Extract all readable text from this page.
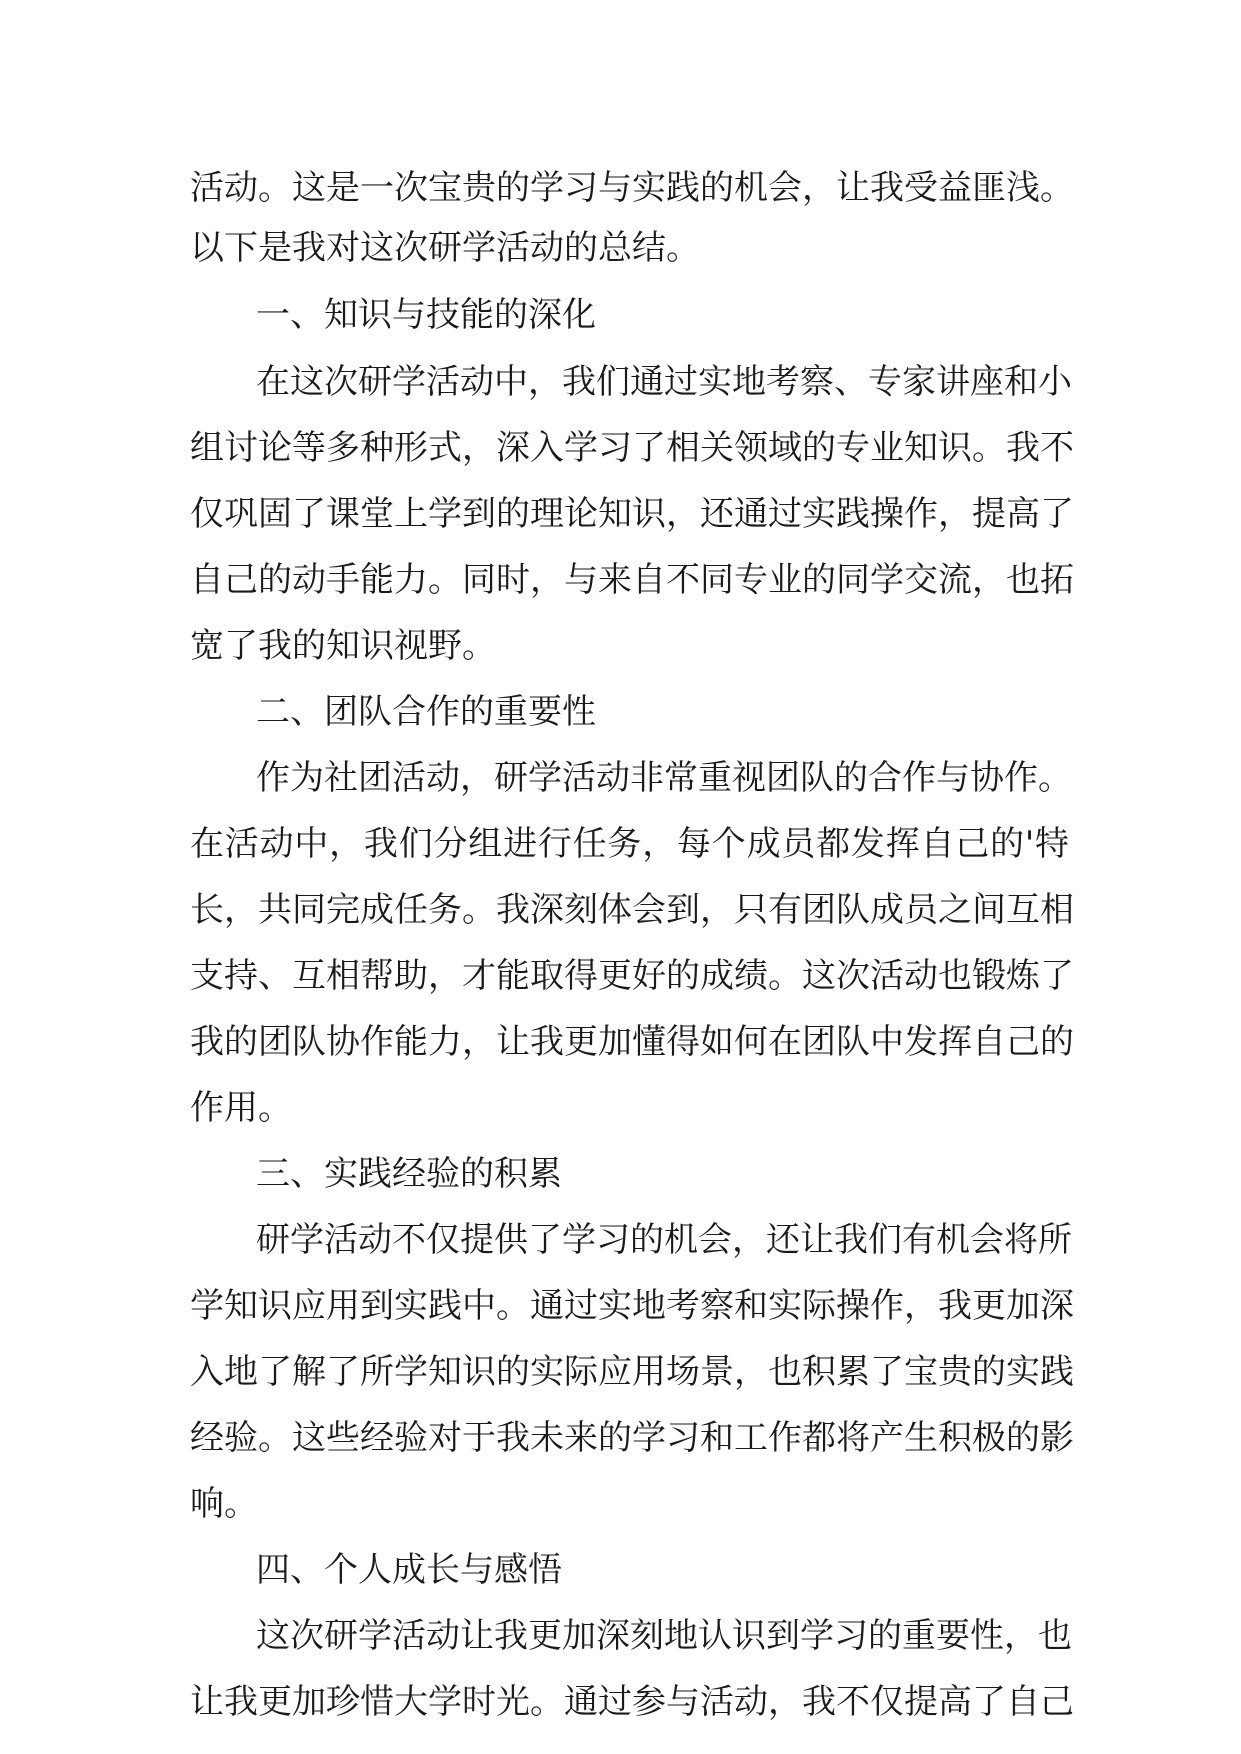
活动。这是一次宝贵的学习与实践的机会，让我受益匪浅。
以下是我对这次研学活动的总结。
一、知识与技能的深化
在这次研学活动中，我们通过实地考察、专家讲座和小
组讨论等多种形式，深入学习了相关领域的专业知识。我不
仅巩固了课堂上学到的理论知识，还通过实践操作，提高了
自己的动手能力。同时，与来自不同专业的同学交流，也拓
宽了我的知识视野。
二、团队合作的重要性
作为社团活动，研学活动非常重视团队的合作与协作。
在活动中，我们分组进行任务，每个成员都发挥自己的'特
长，共同完成任务。我深刻体会到，只有团队成员之间互相
支持、互相帮助，才能取得更好的成绩。这次活动也锻炼了
我的团队协作能力，让我更加懂得如何在团队中发挥自己的
作用。
三、实践经验的积累
研学活动不仅提供了学习的机会，还让我们有机会将所
学知识应用到实践中。通过实地考察和实际操作，我更加深
入地了解了所学知识的实际应用场景，也积累了宝贵的实践
经验。这些经验对于我未来的学习和工作都将产生积极的影
响。
四、个人成长与感悟
这次研学活动让我更加深刻地认识到学习的重要性，也
让我更加珍惜大学时光。通过参与活动，我不仅提高了自己
